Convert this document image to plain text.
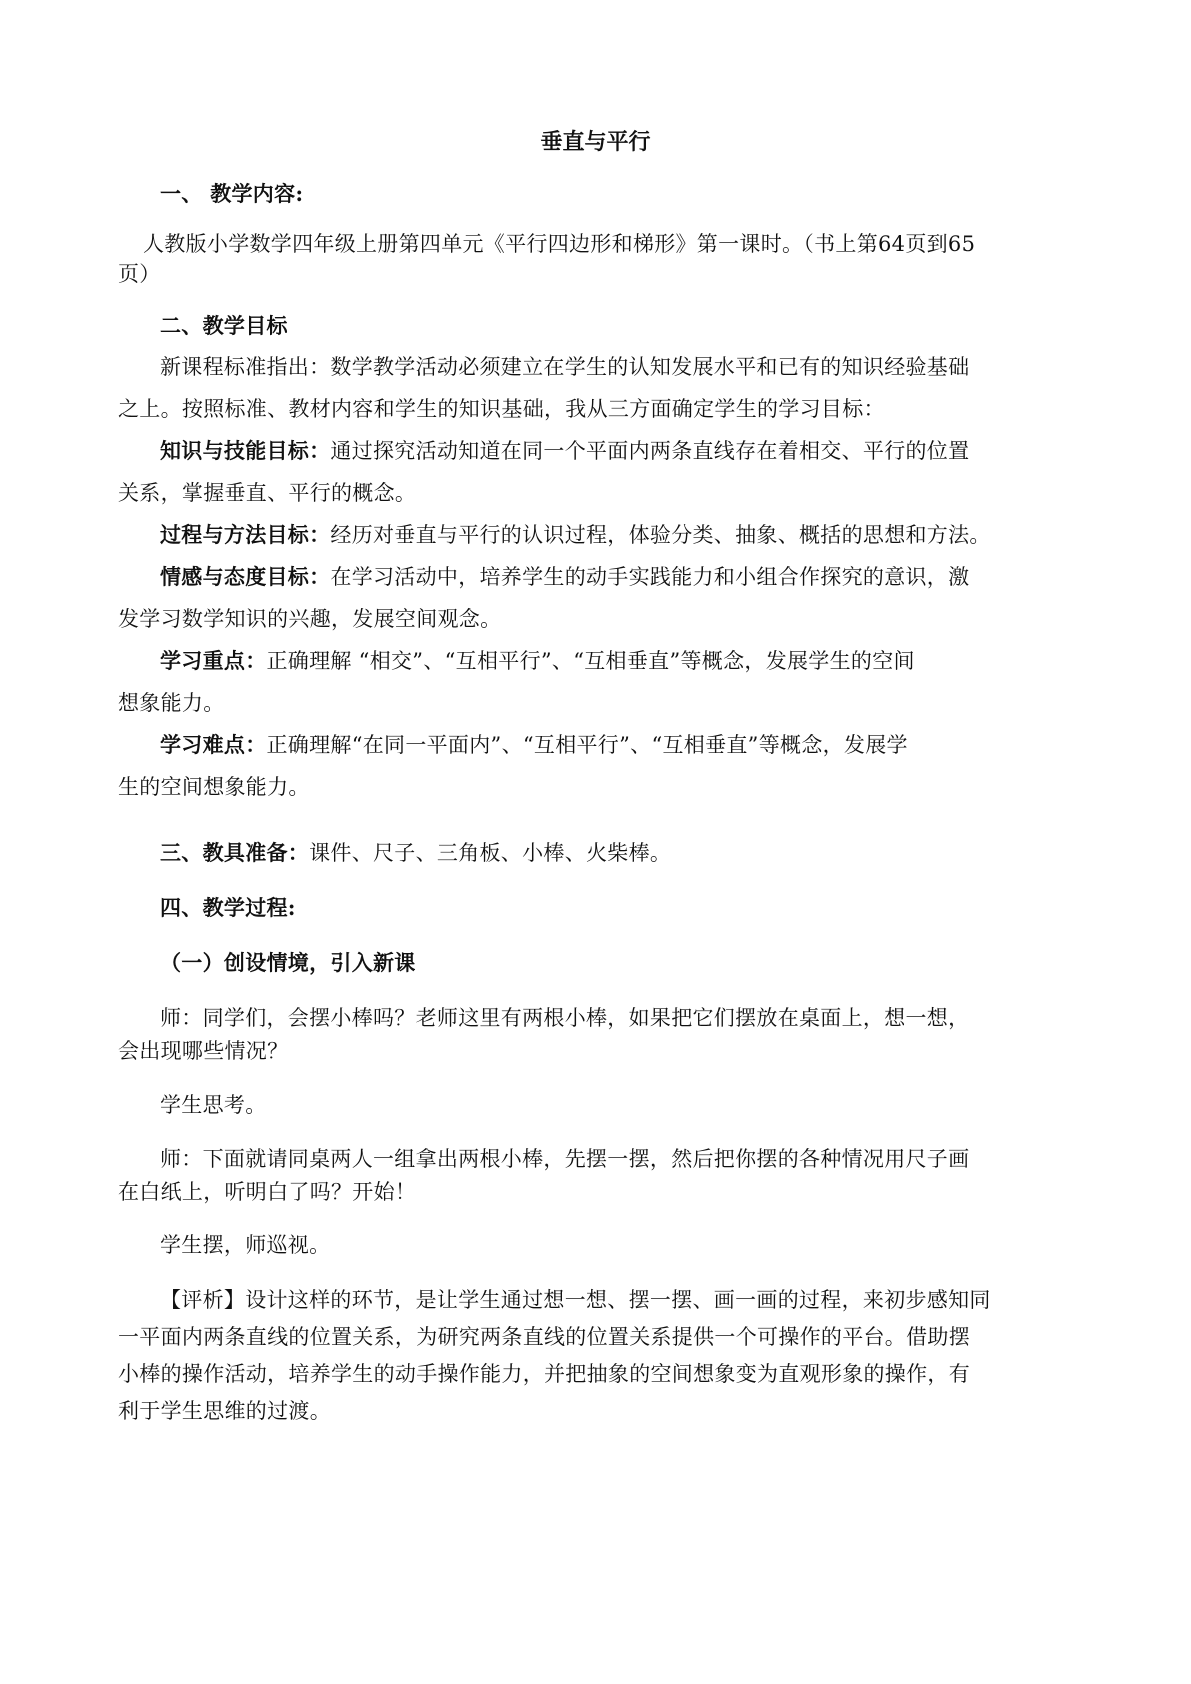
垂直与平行
一、 教学内容:
人教版小学数学四年级上册第四单元《平行四边形和梯形》第一课时。（书上第64页到65
页）
二、教学目标
新课程标准指出：数学教学活动必须建立在学生的认知发展水平和已有的知识经验基础
之上。按照标准、教材内容和学生的知识基础，我从三方面确定学生的学习目标：
知识与技能目标：通过探究活动知道在同一个平面内两条直线存在着相交、平行的位置
关系，掌握垂直、平行的概念。
过程与方法目标：经历对垂直与平行的认识过程，体验分类、抽象、概括的思想和方法。
情感与态度目标：在学习活动中，培养学生的动手实践能力和小组合作探究的意识，激
发学习数学知识的兴趣，发展空间观念。
学习重点：正确理解 “相交”、“互相平行”、“互相垂直”等概念，发展学生的空间
想象能力。
学习难点：正确理解“在同一平面内”、“互相平行”、“互相垂直”等概念，发展学
生的空间想象能力。
三、教具准备：课件、尺子、三角板、小棒、火柴棒。
四、教学过程:
（一）创设情境，引入新课
师：同学们，会摆小棒吗？老师这里有两根小棒，如果把它们摆放在桌面上，想一想，
会出现哪些情况？
学生思考。
师：下面就请同桌两人一组拿出两根小棒，先摆一摆，然后把你摆的各种情况用尺子画
在白纸上，听明白了吗？开始！
学生摆，师巡视。
【评析】设计这样的环节，是让学生通过想一想、摆一摆、画一画的过程，来初步感知同
一平面内两条直线的位置关系，为研究两条直线的位置关系提供一个可操作的平台。借助摆
小棒的操作活动，培养学生的动手操作能力，并把抽象的空间想象变为直观形象的操作，有
利于学生思维的过渡。
